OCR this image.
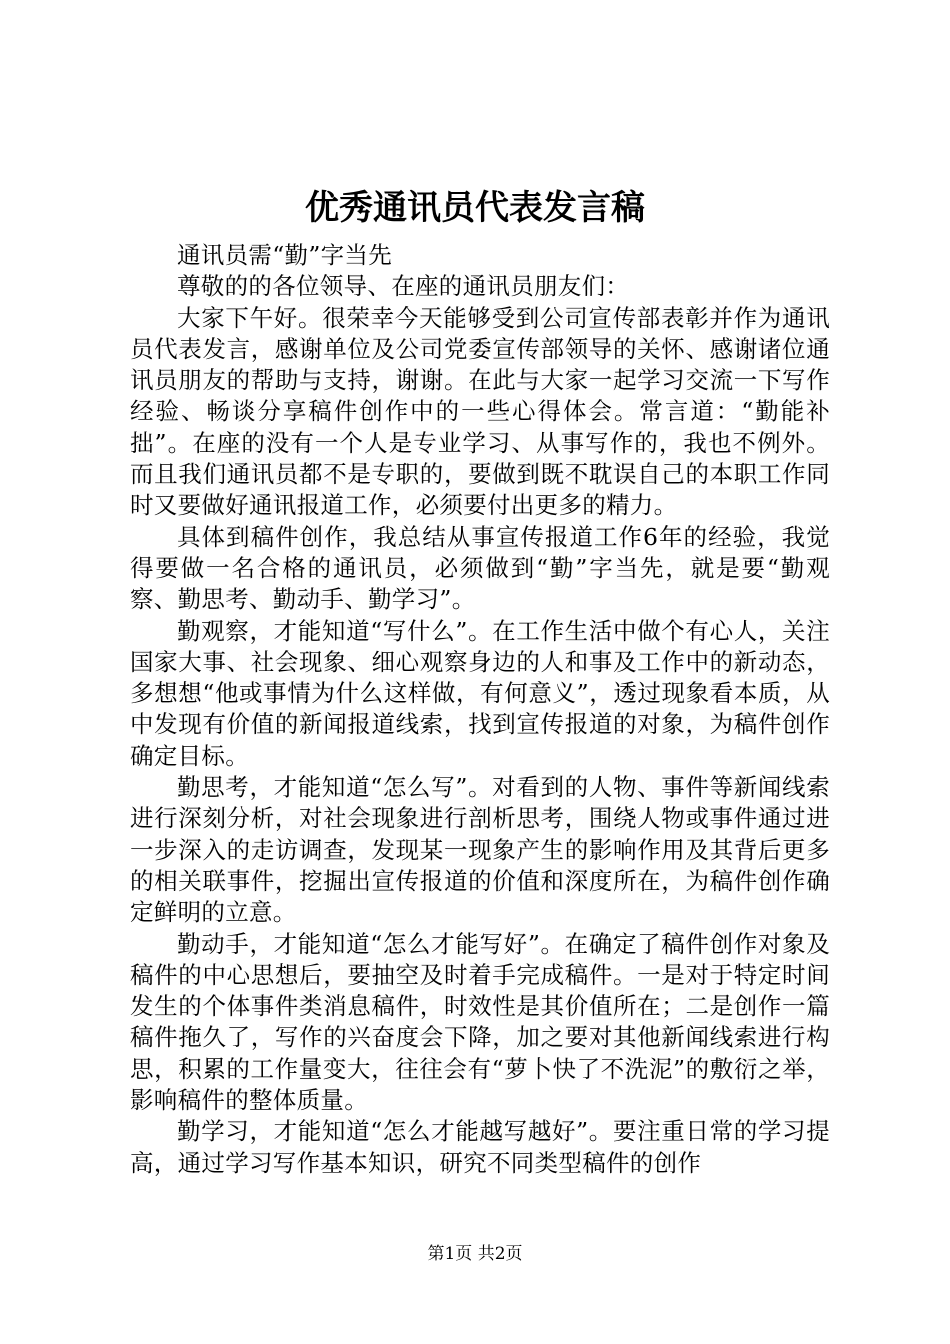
优秀通讯员代表发言稿

通讯员需“勤”字当先

尊敬的的各位领导、在座的通讯员朋友们：

大家下午好。很荣幸今天能够受到公司宣传部表彰并作为通讯员代表发言，感谢单位及公司党委宣传部领导的关怀、感谢诸位通讯员朋友的帮助与支持，谢谢。在此与大家一起学习交流一下写作经验、畅谈分享稿件创作中的一些心得体会。常言道：“勤能补拙”。在座的没有一个人是专业学习、从事写作的，我也不例外。而且我们通讯员都不是专职的，要做到既不耽误自己的本职工作同时又要做好通讯报道工作，必须要付出更多的精力。

具体到稿件创作，我总结从事宣传报道工作6年的经验，我觉得要做一名合格的通讯员，必须做到“勤”字当先，就是要“勤观察、勤思考、勤动手、勤学习”。

勤观察，才能知道“写什么”。在工作生活中做个有心人，关注国家大事、社会现象、细心观察身边的人和事及工作中的新动态，多想想“他或事情为什么这样做，有何意义”，透过现象看本质，从中发现有价值的新闻报道线索，找到宣传报道的对象，为稿件创作确定目标。

勤思考，才能知道“怎么写”。对看到的人物、事件等新闻线索进行深刻分析，对社会现象进行剖析思考，围绕人物或事件通过进一步深入的走访调查，发现某一现象产生的影响作用及其背后更多的相关联事件，挖掘出宣传报道的价值和深度所在，为稿件创作确定鲜明的立意。

勤动手，才能知道“怎么才能写好”。在确定了稿件创作对象及稿件的中心思想后，要抽空及时着手完成稿件。一是对于特定时间发生的个体事件类消息稿件，时效性是其价值所在；二是创作一篇稿件拖久了，写作的兴奋度会下降，加之要对其他新闻线索进行构思，积累的工作量变大，往往会有“萝卜快了不洗泥”的敷衍之举，影响稿件的整体质量。

勤学习，才能知道“怎么才能越写越好”。要注重日常的学习提高，通过学习写作基本知识，研究不同类型稿件的创作

第1页 共2页
